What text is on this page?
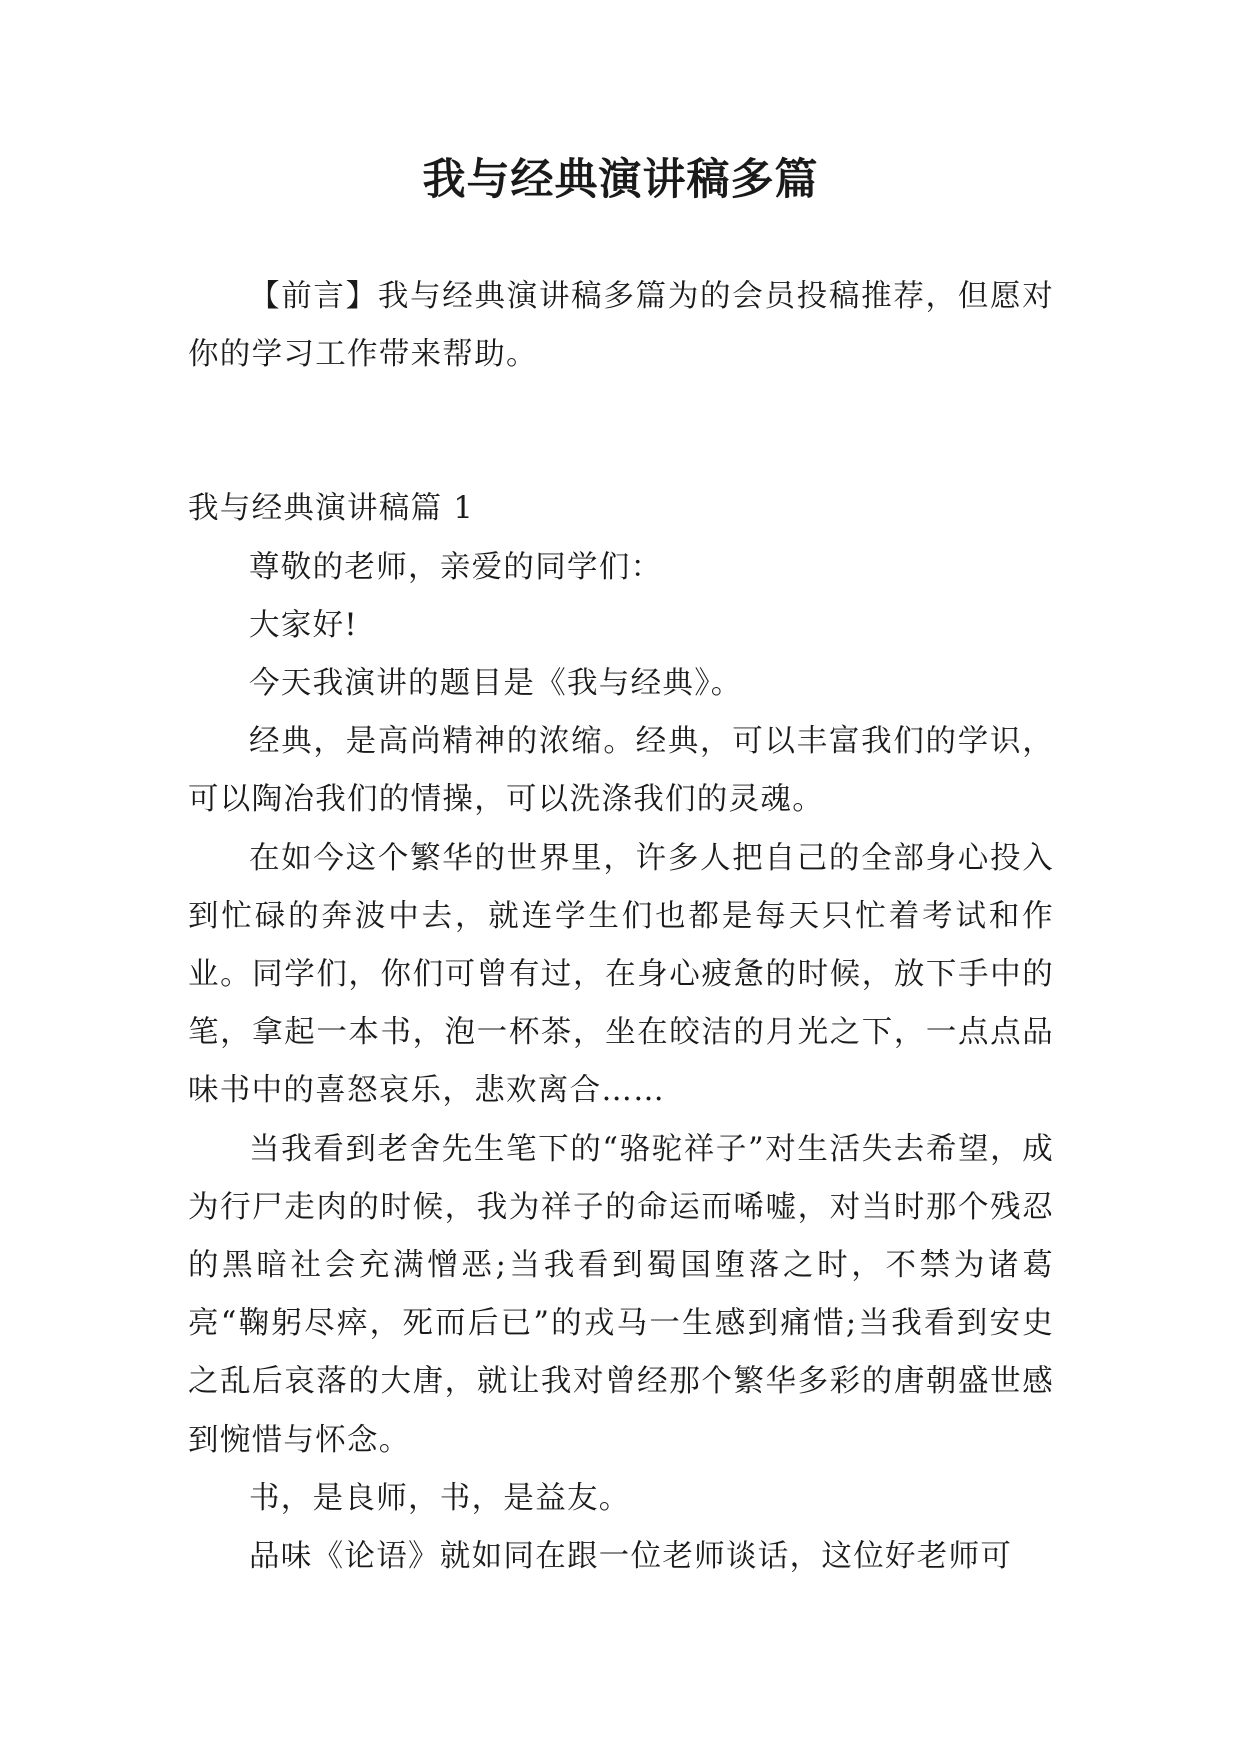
我与经典演讲稿多篇

【前言】我与经典演讲稿多篇为的会员投稿推荐，但愿对你的学习工作带来帮助。

我与经典演讲稿篇 1

尊敬的老师，亲爱的同学们：

大家好!

今天我演讲的题目是《我与经典》。

经典，是高尚精神的浓缩。经典，可以丰富我们的学识，可以陶冶我们的情操，可以洗涤我们的灵魂。

在如今这个繁华的世界里，许多人把自己的全部身心投入到忙碌的奔波中去，就连学生们也都是每天只忙着考试和作业。同学们，你们可曾有过，在身心疲惫的时候，放下手中的笔，拿起一本书，泡一杯茶，坐在皎洁的月光之下，一点点品味书中的喜怒哀乐，悲欢离合……

当我看到老舍先生笔下的“骆驼祥子”对生活失去希望，成为行尸走肉的时候，我为祥子的命运而唏嘘，对当时那个残忍的黑暗社会充满憎恶;当我看到蜀国堕落之时，不禁为诸葛亮“鞠躬尽瘁，死而后已”的戎马一生感到痛惜;当我看到安史之乱后哀落的大唐，就让我对曾经那个繁华多彩的唐朝盛世感到惋惜与怀念。

书，是良师，书，是益友。

品味《论语》就如同在跟一位老师谈话，这位好老师可
